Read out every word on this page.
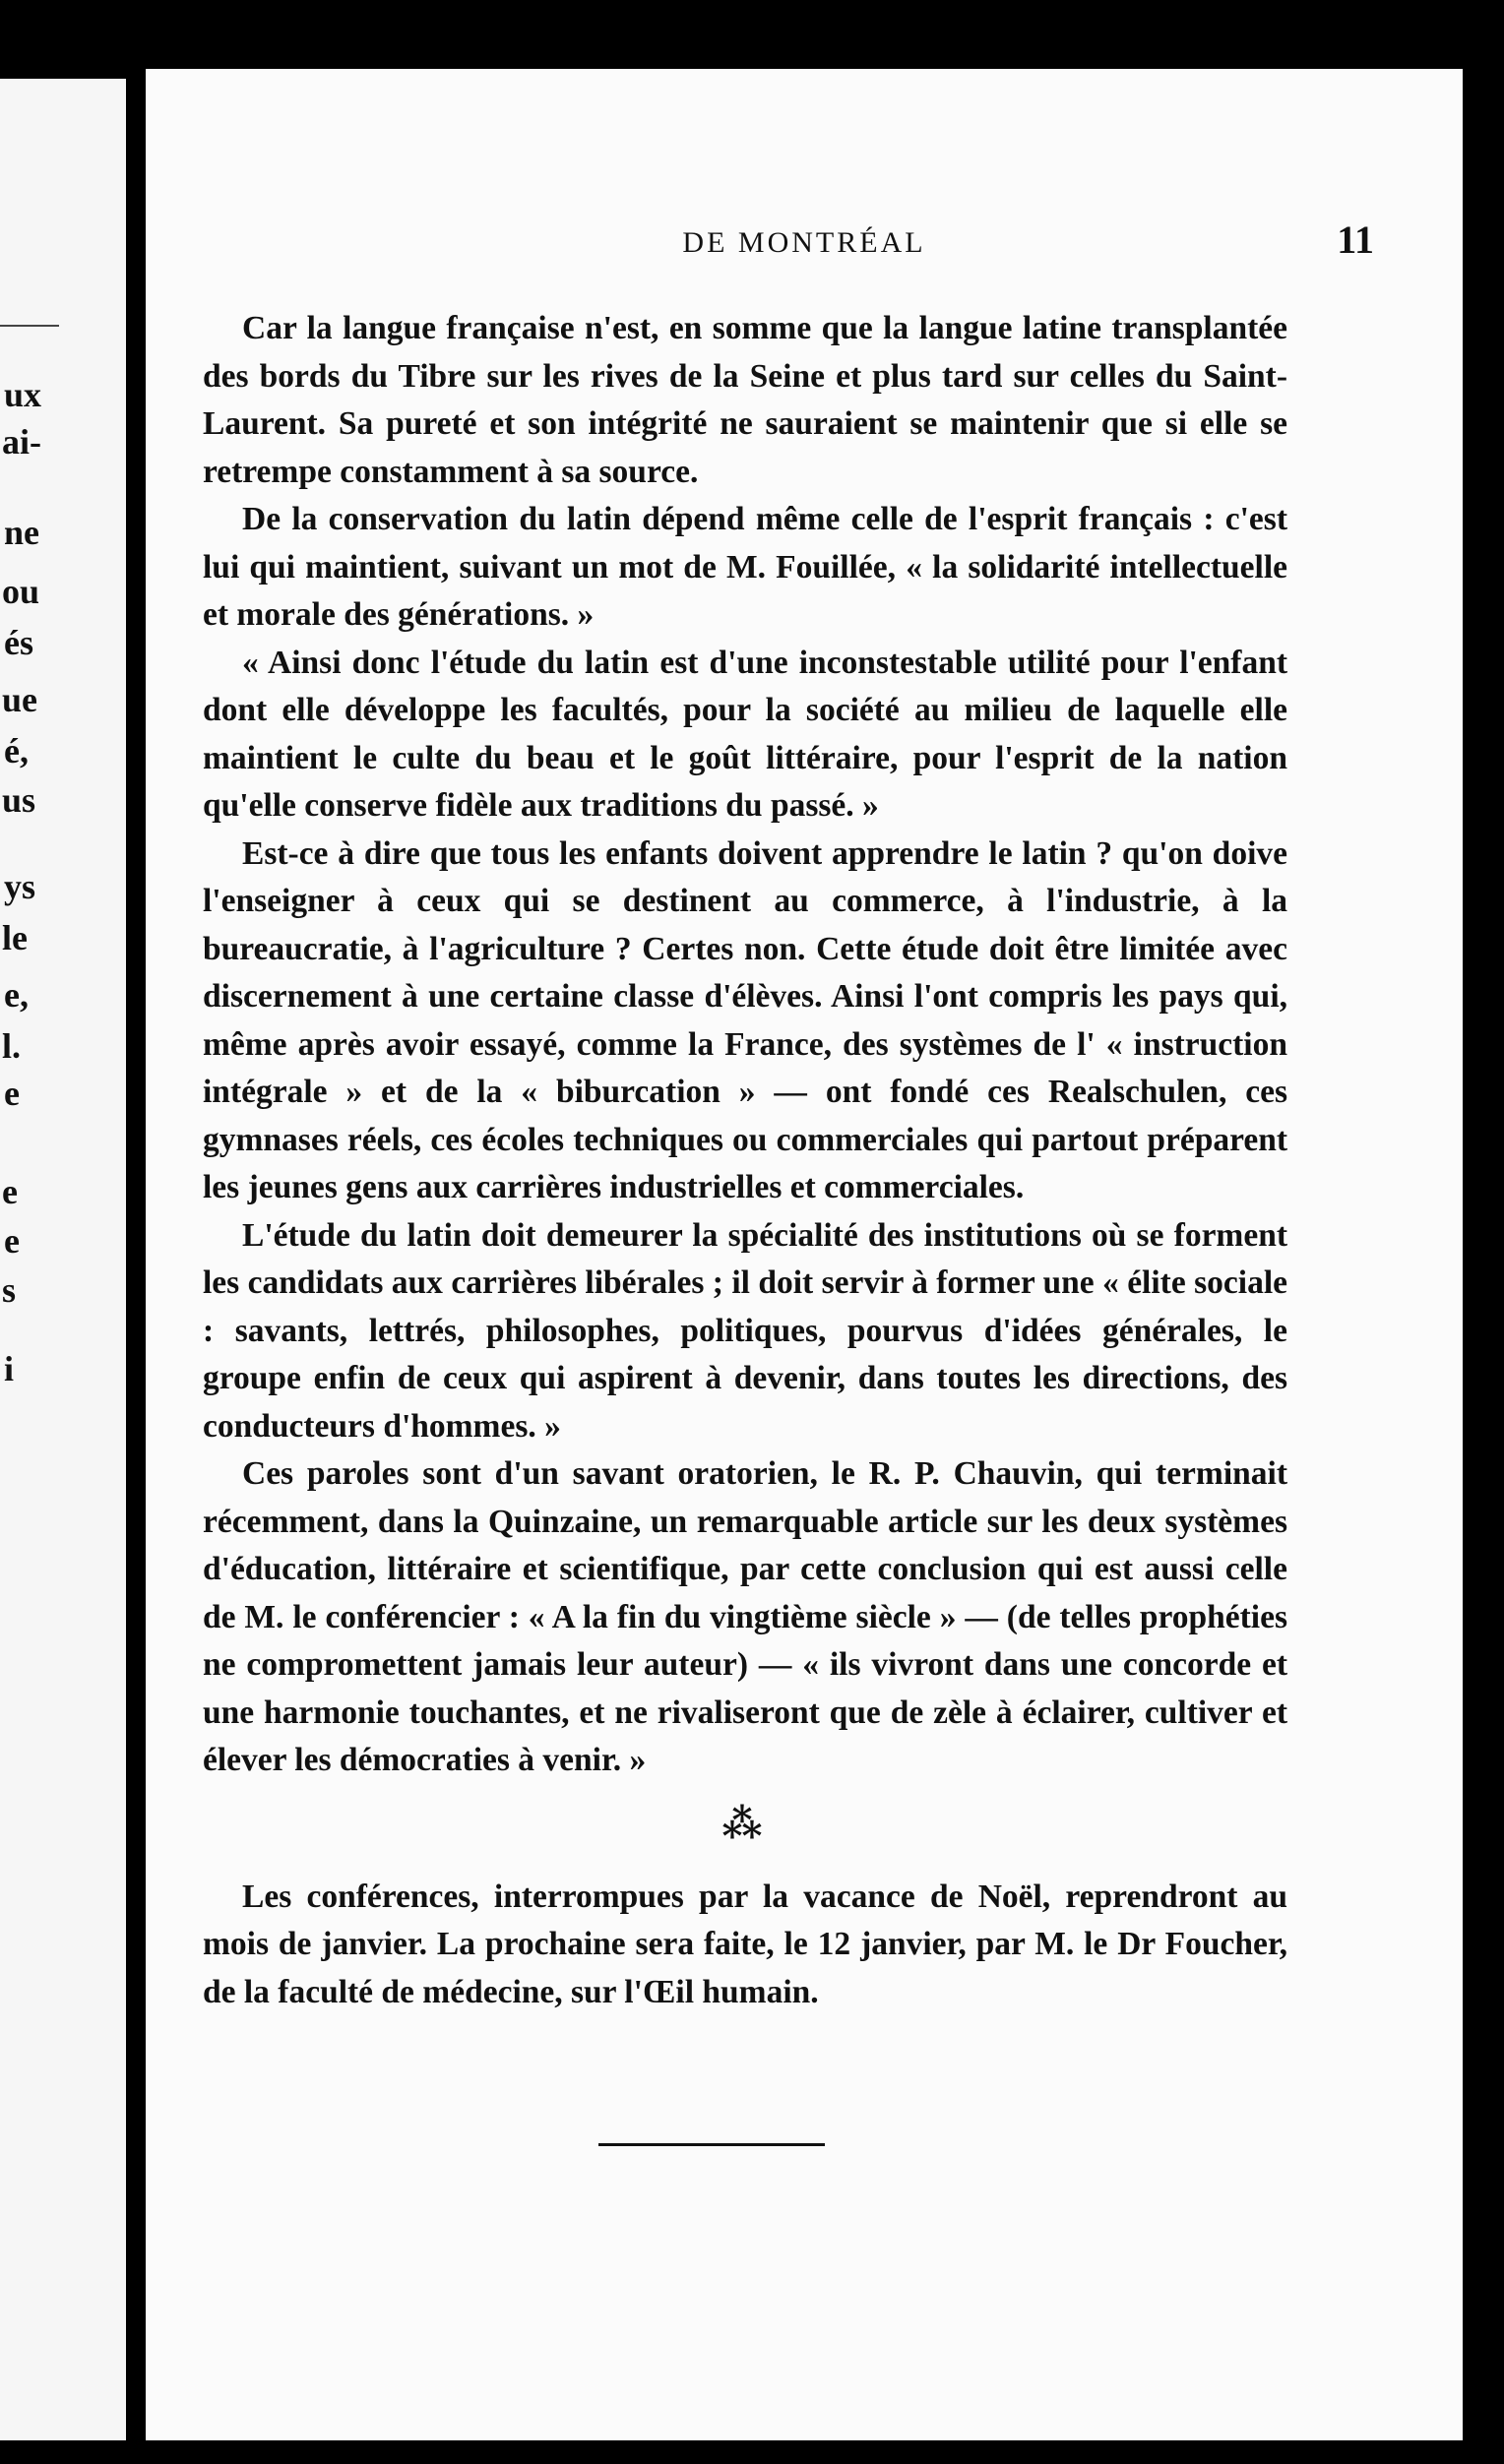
ux
ai-
ne
ou
és
ue
é,
us
ys
le
e,
l.
e
e
e
s
i
DE MONTRÉAL	11

Car la langue française n'est, en somme que la langue latine transplantée des bords du Tibre sur les rives de la Seine et plus tard sur celles du Saint-Laurent. Sa pureté et son intégrité ne sauraient se maintenir que si elle se retrempe constamment à sa source.

De la conservation du latin dépend même celle de l'esprit français : c'est lui qui maintient, suivant un mot de M. Fouillée, « la solidarité intellectuelle et morale des générations. »

« Ainsi donc l'étude du latin est d'une inconstestable utilité pour l'enfant dont elle développe les facultés, pour la société au milieu de laquelle elle maintient le culte du beau et le goût littéraire, pour l'esprit de la nation qu'elle conserve fidèle aux traditions du passé. »

Est-ce à dire que tous les enfants doivent apprendre le latin ? qu'on doive l'enseigner à ceux qui se destinent au commerce, à l'industrie, à la bureaucratie, à l'agriculture ? Certes non. Cette étude doit être limitée avec discernement à une certaine classe d'élèves. Ainsi l'ont compris les pays qui, même après avoir essayé, comme la France, des systèmes de l' « instruction intégrale » et de la « biburcation » — ont fondé ces Realschulen, ces gymnases réels, ces écoles techniques ou commerciales qui partout préparent les jeunes gens aux carrières industrielles et commerciales.

L'étude du latin doit demeurer la spécialité des institutions où se forment les candidats aux carrières libérales ; il doit servir à former une « élite sociale : savants, lettrés, philosophes, politiques, pourvus d'idées générales, le groupe enfin de ceux qui aspirent à devenir, dans toutes les directions, des conducteurs d'hommes. »

Ces paroles sont d'un savant oratorien, le R. P. Chauvin, qui terminait récemment, dans la Quinzaine, un remarquable article sur les deux systèmes d'éducation, littéraire et scientifique, par cette conclusion qui est aussi celle de M. le conférencier : « A la fin du vingtième siècle » — (de telles prophéties ne compromettent jamais leur auteur) — « ils vivront dans une concorde et une harmonie touchantes, et ne rivaliseront que de zèle à éclairer, cultiver et élever les démocraties à venir. »

⁂

Les conférences, interrompues par la vacance de Noël, reprendront au mois de janvier. La prochaine sera faite, le 12 janvier, par M. le Dr Foucher, de la faculté de médecine, sur l'Œil humain.
